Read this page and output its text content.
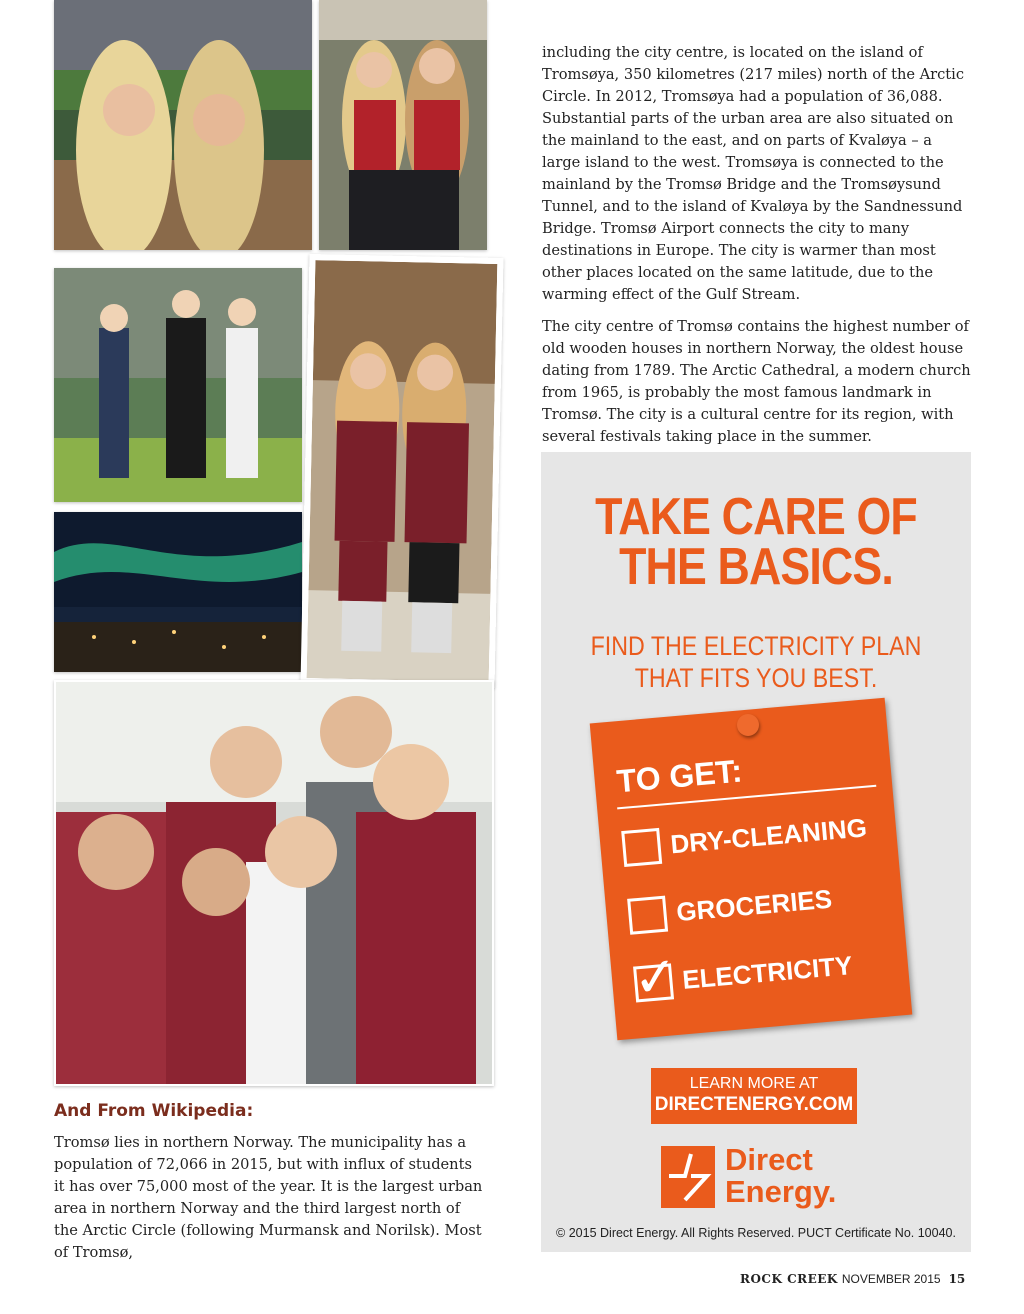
including the city centre, is located on the island of Tromsøya, 350 kilometres (217 miles) north of the Arctic Circle. In 2012, Tromsøya had a population of 36,088. Substantial parts of the urban area are also situated on the mainland to the east, and on parts of Kvaløya – a large island to the west. Tromsøya is connected to the mainland by the Tromsø Bridge and the Tromsøysund Tunnel, and to the island of Kvaløya by the Sandnessund Bridge. Tromsø Airport connects the city to many destinations in Europe. The city is warmer than most other places located on the same latitude, due to the warming effect of the Gulf Stream.

The city centre of Tromsø contains the highest number of old wooden houses in northern Norway, the oldest house dating from 1789. The Arctic Cathedral, a modern church from 1965, is probably the most famous landmark in Tromsø. The city is a cultural centre for its region, with several festivals taking place in the summer.

And From Wikipedia:
Tromsø lies in northern Norway. The municipality has a population of 72,066 in 2015, but with influx of students it has over 75,000 most of the year. It is the largest urban area in northern Norway and the third largest north of the Arctic Circle (following Murmansk and Norilsk). Most of Tromsø,
TAKE CARE OF
THE BASICS.
FIND THE ELECTRICITY PLAN
THAT FITS YOU BEST.
TO GET:
DRY-CLEANING
GROCERIES
✓ ELECTRICITY
LEARN MORE AT
DIRECTENERGY.COM
Direct
Energy.
© 2015 Direct Energy. All Rights Reserved. PUCT Certificate No. 10040.
ROCK CREEK NOVEMBER 2015 15
